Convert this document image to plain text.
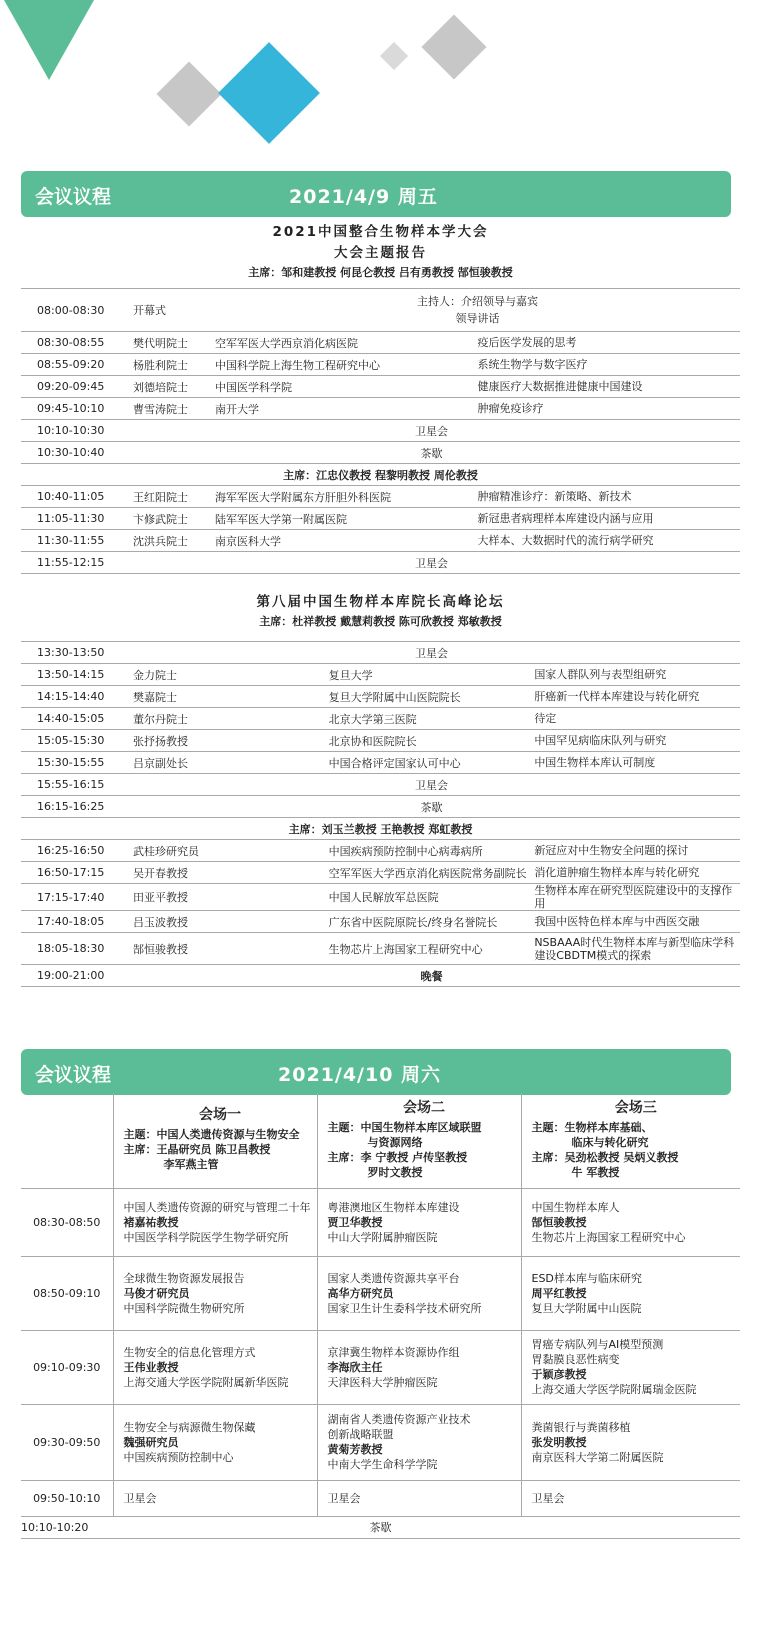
会议议程	2021/4/9 周五
2021中国整合生物样本学大会
大会主题报告
主席：邹和建教授 何昆仑教授 吕有勇教授 郜恒骏教授
08:00-08:30	开幕式	主持人：介绍领导与嘉宾
领导讲话	

08:30-08:55	樊代明院士	空军军医大学西京消化病医院	疫后医学发展的思考
08:55-09:20	杨胜利院士	中国科学院上海生物工程研究中心	系统生物学与数字医疗
09:20-09:45	刘德培院士	中国医学科学院	健康医疗大数据推进健康中国建设
09:45-10:10	曹雪涛院士	南开大学	肿瘤免疫诊疗
10:10-10:30	卫星会		
10:30-10:40	茶歇		
主席：江忠仪教授 程黎明教授 周伦教授			
10:40-11:05	王红阳院士	海军军医大学附属东方肝胆外科医院	肿瘤精准诊疗：新策略、新技术
11:05-11:30	卞修武院士	陆军军医大学第一附属医院	新冠患者病理样本库建设内涵与应用
11:30-11:55	沈洪兵院士	南京医科大学	大样本、大数据时代的流行病学研究
11:55-12:15	卫星会		
第八届中国生物样本库院长高峰论坛
主席：杜祥教授 戴慧莉教授 陈可欣教授 郑敏教授
13:30-13:50	卫星会		
13:50-14:15	金力院士	复旦大学	国家人群队列与表型组研究
14:15-14:40	樊嘉院士	复旦大学附属中山医院院长	肝癌新一代样本库建设与转化研究
14:40-15:05	董尔丹院士	北京大学第三医院	待定
15:05-15:30	张抒扬教授	北京协和医院院长	中国罕见病临床队列与研究
15:30-15:55	吕京副处长	中国合格评定国家认可中心	中国生物样本库认可制度
15:55-16:15	卫星会		
16:15-16:25	茶歇		
主席：刘玉兰教授 王艳教授 郑虹教授			
16:25-16:50	武桂珍研究员	中国疾病预防控制中心病毒病所	新冠应对中生物安全问题的探讨
16:50-17:15	吴开春教授	空军军医大学西京消化病医院常务副院长	消化道肿瘤生物样本库与转化研究
17:15-17:40	田亚平教授	中国人民解放军总医院	生物样本库在研究型医院建设中的支撑作用
17:40-18:05	吕玉波教授	广东省中医院原院长/终身名誉院长	我国中医特色样本库与中西医交融
18:05-18:30	郜恒骏教授	生物芯片上海国家工程研究中心	NSBAAA时代生物样本库与新型临床学科
建设CBDTM模式的探索

19:00-21:00	晚餐		
会议议程	2021/4/10 周六

	会场一
主题：中国人类遗传资源与生物安全
主席：王晶研究员 陈卫昌教授
李军燕主管	会场二
主题：中国生物样本库区域联盟
与资源网络
主席：李 宁教授 卢传坚教授
罗时文教授	会场三
主题：生物样本库基础、
临床与转化研究
主席：吴劲松教授 吴炳义教授
牛 军教授

08:30-08:50	中国人类遗传资源的研究与管理二十年
褚嘉祐教授
中国医学科学院医学生物学研究所	粤港澳地区生物样本库建设
贾卫华教授
中山大学附属肿瘤医院	中国生物样本库人
郜恒骏教授
生物芯片上海国家工程研究中心

08:50-09:10	全球微生物资源发展报告
马俊才研究员
中国科学院微生物研究所	国家人类遗传资源共享平台
高华方研究员
国家卫生计生委科学技术研究所	ESD样本库与临床研究
周平红教授
复旦大学附属中山医院

09:10-09:30	生物安全的信息化管理方式
王伟业教授
上海交通大学医学院附属新华医院	京津冀生物样本资源协作组
李海欣主任
天津医科大学肿瘤医院	胃癌专病队列与AI模型预测
胃黏膜良恶性病变
于颖彦教授
上海交通大学医学院附属瑞金医院

09:30-09:50	生物安全与病源微生物保藏
魏强研究员
中国疾病预防控制中心	湖南省人类遗传资源产业技术
创新战略联盟
黄菊芳教授
中南大学生命科学学院	粪菌银行与粪菌移植
张发明教授
南京医科大学第二附属医院

09:50-10:10	卫星会	卫星会	卫星会
10:10-10:20	茶歇		
